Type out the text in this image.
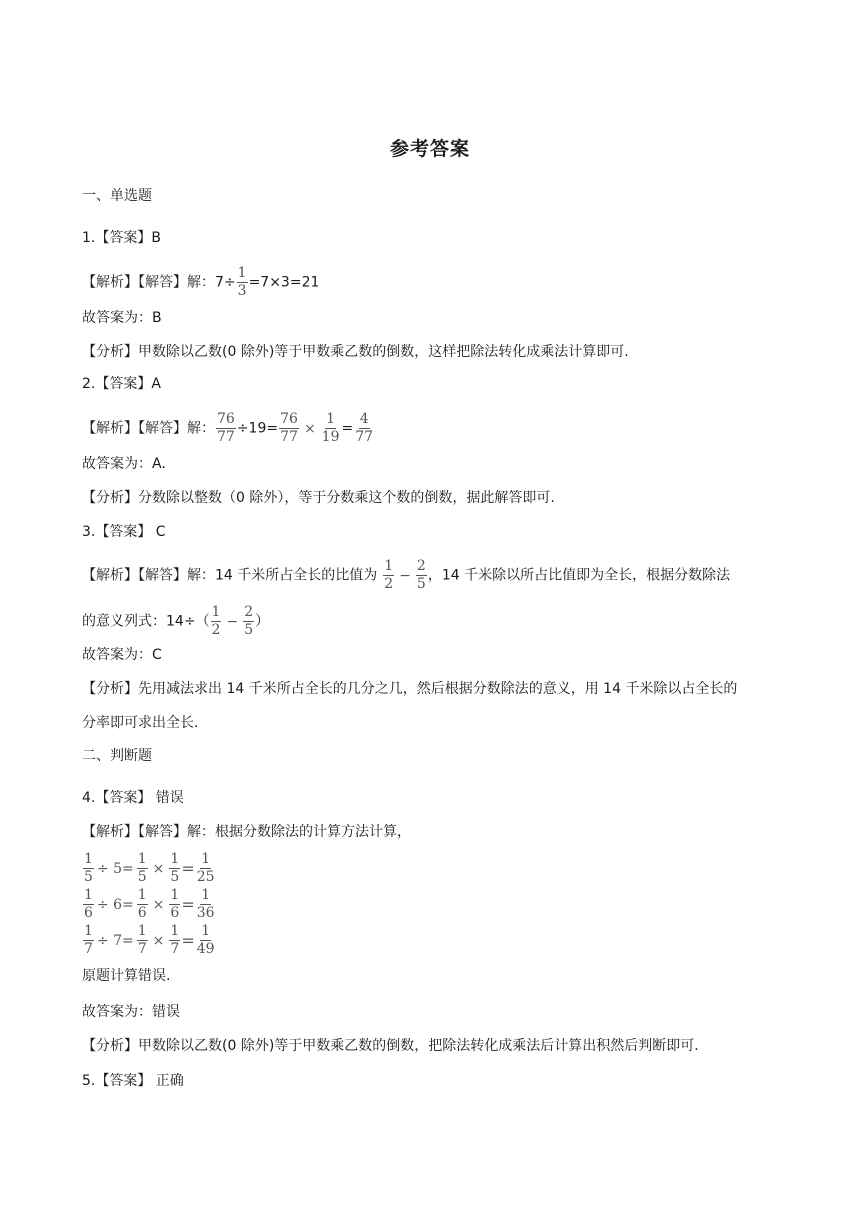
参考答案
一、单选题
1.【答案】B
【解析】【解答】解：$7\div \frac{1}{3} =7\times 3=21$
故答案为：B
【分析】甲数除以乙数(0 除外)等于甲数乘乙数的倒数，这样把除法转化成乘法计算即可.
2.【答案】A
【解析】【解答】解： $\frac{76}{77} \div 19= \frac{76}{77} \times \frac{1}{19} = \frac{4}{77}$
故答案为：A.
【分析】分数除以整数（0 除外），等于分数乘这个数的倒数，据此解答即可.
3.【答案】 C
【解析】【解答】解：14 千米所占全长的比值为 $\frac{1}{2} - \frac{2}{5}$ ，14 千米除以所占比值即为全长，根据分数除法
的意义列式：$14\div( \frac{1}{2} - \frac{2}{5}$ ）
故答案为：C
【分析】先用减法求出 14 千米所占全长的几分之几，然后根据分数除法的意义，用 14 千米除以占全长的
分率即可求出全长.
二、判断题
4.【答案】 错误
【解析】【解答】解：根据分数除法的计算方法计算，
$\frac{1}{5} \div 5= \frac{1}{5} \times \frac{1}{5} = \frac{1}{25}$
$\frac{1}{6} \div 6= \frac{1}{6} \times \frac{1}{6} = \frac{1}{36}$
$\frac{1}{7} \div 7= \frac{1}{7} \times \frac{1}{7} = \frac{1}{49}$
原题计算错误.
故答案为：错误
【分析】甲数除以乙数(0 除外)等于甲数乘乙数的倒数，把除法转化成乘法后计算出积然后判断即可.
5.【答案】 正确
